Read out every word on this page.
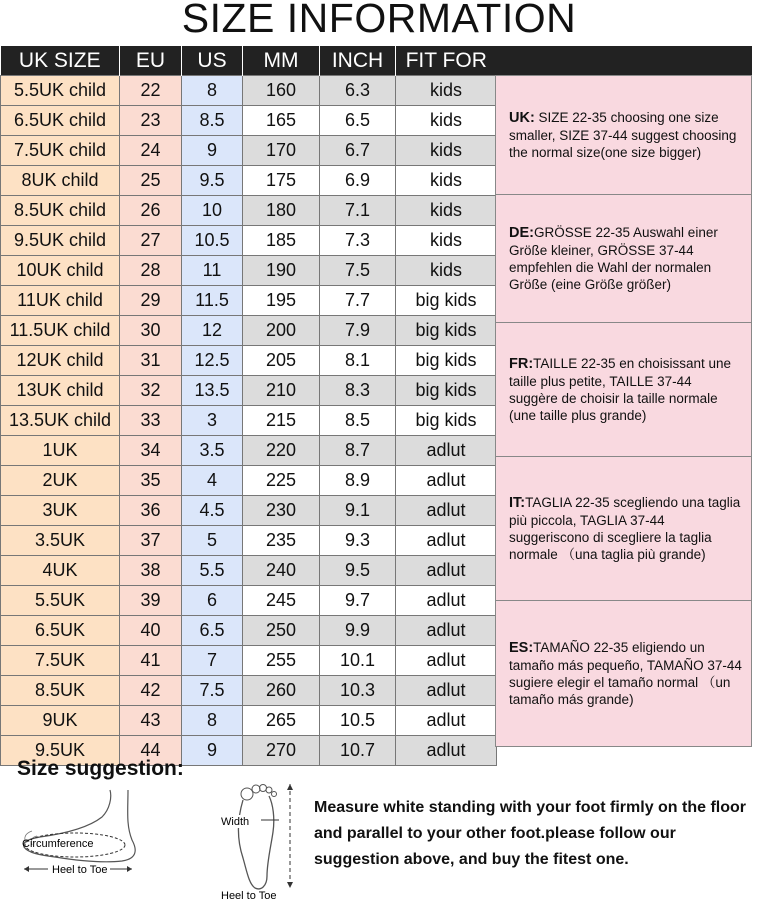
SIZE INFORMATION
UK SIZE	EU	US	MM	INCH	FIT FOR
5.5UK child	22	8	160	6.3	kids
6.5UK child	23	8.5	165	6.5	kids
7.5UK child	24	9	170	6.7	kids
8UK child	25	9.5	175	6.9	kids
8.5UK child	26	10	180	7.1	kids
9.5UK child	27	10.5	185	7.3	kids
10UK child	28	11	190	7.5	kids
11UK child	29	11.5	195	7.7	big kids
11.5UK child	30	12	200	7.9	big kids
12UK child	31	12.5	205	8.1	big kids
13UK child	32	13.5	210	8.3	big kids
13.5UK child	33	3	215	8.5	big kids
1UK	34	3.5	220	8.7	adlut
2UK	35	4	225	8.9	adlut
3UK	36	4.5	230	9.1	adlut
3.5UK	37	5	235	9.3	adlut
4UK	38	5.5	240	9.5	adlut
5.5UK	39	6	245	9.7	adlut
6.5UK	40	6.5	250	9.9	adlut
7.5UK	41	7	255	10.1	adlut
8.5UK	42	7.5	260	10.3	adlut
9UK	43	8	265	10.5	adlut
9.5UK	44	9	270	10.7	adlut
UK: SIZE 22-35 choosing one size smaller, SIZE 37-44 suggest choosing the normal size(one size bigger)
DE:GRÖSSE 22-35 Auswahl einer Größe kleiner, GRÖSSE 37-44 empfehlen die Wahl der normalen Größe (eine Größe größer)
FR:TAILLE 22-35 en choisissant une taille plus petite, TAILLE 37-44 suggère de choisir la taille normale (une taille plus grande)
IT:TAGLIA 22-35 scegliendo una taglia più piccola, TAGLIA 37-44 suggeriscono di scegliere la taglia normale （una taglia più grande)
ES:TAMAÑO 22-35 eligiendo un tamaño más pequeño, TAMAÑO 37-44 sugiere elegir el tamaño normal （un tamaño más grande)
Size suggestion:
Circumference
Heel to Toe
Width
Heel to Toe
Measure white standing with your foot firmly on the floor and parallel to your other foot.please follow our suggestion above, and buy the fitest one.
